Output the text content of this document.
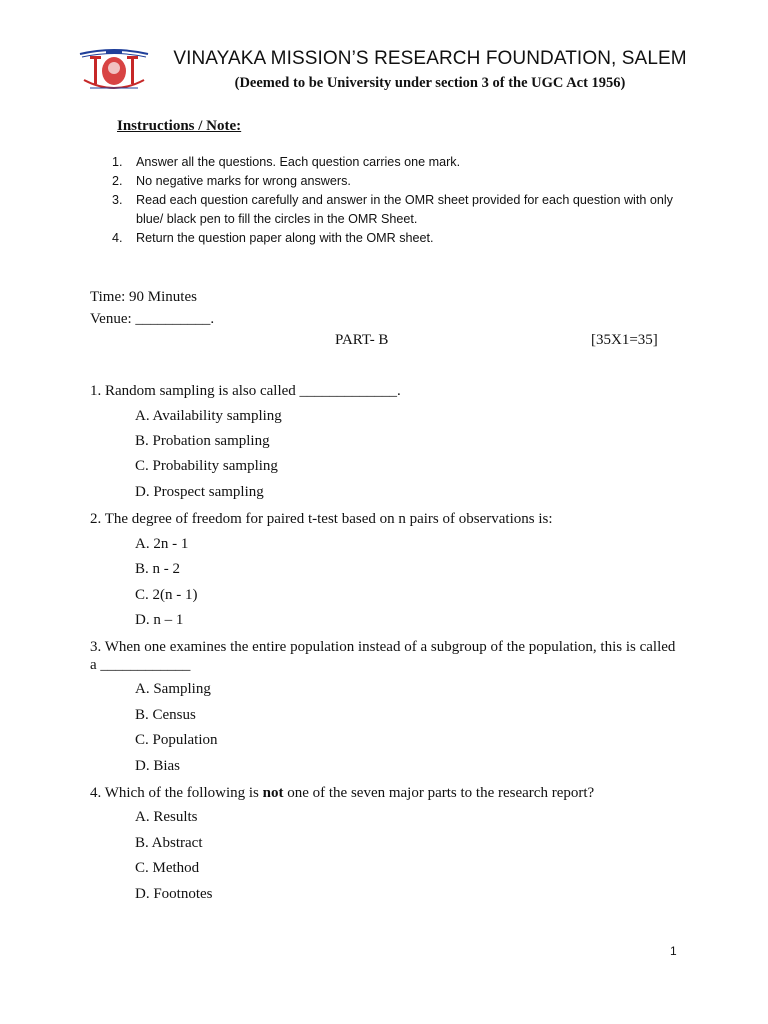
VINAYAKA MISSION’S RESEARCH FOUNDATION, SALEM
(Deemed to be University under section 3 of the UGC Act 1956)
Instructions / Note:
1. Answer all the questions. Each question carries one mark.
2. No negative marks for wrong answers.
3. Read each question carefully and answer in the OMR sheet provided for each question with only blue/ black pen to fill the circles in the OMR Sheet.
4. Return the question paper along with the OMR sheet.
Time: 90 Minutes
Venue: __________.
PART- B	[35X1=35]
1. Random sampling is also called _____________.
A. Availability sampling
B. Probation sampling
C. Probability sampling
D. Prospect sampling
2. The degree of freedom for paired t-test based on n pairs of observations is:
A. 2n - 1
B. n - 2
C. 2(n - 1)
D. n – 1
3. When one examines the entire population instead of a subgroup of the population, this is called a ____________
A. Sampling
B. Census
C. Population
D. Bias
4. Which of the following is not one of the seven major parts to the research report?
A. Results
B. Abstract
C. Method
D. Footnotes
1
